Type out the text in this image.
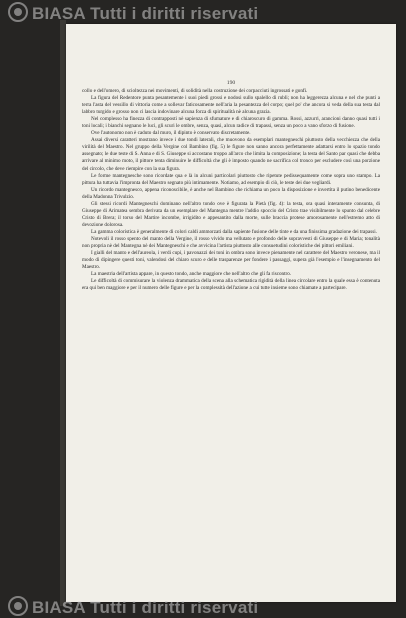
BIASA Tutti i diritti riservati
190

collo e dell'omero, di scioltezza nei movimenti, di solidità nella costruzione dei corpacciuti ingrossati e gonfi.

La figura del Redentore punta pesantemente i suoi piedi grossi e nodosi sullo spalello di rubli; non ha leggerezza alcuna e nel che punti a terra l'asta del vessillo di vittoria come a sollevar faticosamente nell'aria la pesantezza del corpo; quel po' che ancora si veda della sua testa dal labbro turgido e grosso non ci lascia indovinare alcuna forza di spiritualità nè alcuna grazia.

Nel complesso ha finezza di contrapposti nè sapienza di sfumature e di chiaroscuro di gamma. Rossi, azzurri, arancioni danno quasi tutti i toni locali; i bianchi segnano le luci, gli scuri le ombre, senza, quasi, alcun radice di trapassi, senza un poco a vano sforzo di fusione.

Ove l'autonomo non è caduto dal muro, il dipinto è conservato discretamente.

Assai diversi caratteri mostrano invece i due tondi laterali, che muovono da esemplari mantegneschi piuttosto della vecchiezza che della virilità del Maestro. Nel gruppo della Vergine col Bambino (fig. 5) le figure non sanno ancora perfettamente adattarsi entro lo spazio tondo assegnato; le due teste di S. Anna e di S. Giuseppe si accostano troppo all'arco che limita la composizione; la testa del Santo par quasi che debba arrivare al minimo moto, il pittore tenta diminuire le difficoltà che gli è imposto quando ne sacrifica col tronco per escludere così una porzione del circolo, che deve riempire con la sua figura.

Le forme mantegnesche sono ricordate qua e là in alcuni particolari piuttosto che ripetute pedissequamente come sopra uno stampo. La pittura ha tuttavia l'impronta del Maestro segnato più intimamente. Notiamo, ad esempio di ciò, le teste dei due vegliardi.

Un ricordo mantegnesco, appena riconoscibile, è anche nel Bambino che richiama un poco la disposizione e invertita il putino benedicente della Madonna Trivulzio.

Gli stessi ricordi Mantegneschi dominano nell'altro tondo ove è figurata la Pietà (fig. 4): la testa, ora quasi interamente consunta, di Giuseppe di Arimatea sembra derivata da un esemplare del Mantegna mentre l'addio spoccio del Cristo trae visibilmente lo spunto dal celebre Cristo di Brera; il torso del Martire incombe, irrigidito e appesantito dalla morte, sulle braccia protese amorosamente nell'estremo atto di devozione dolorosa.

La gamma coloristica è generalmente di colori caldi ammorzati dalla sapiente fusione delle tinte e da una finissima gradazione dei trapassi.

Notevoli il rosso spento del manto della Vergine, il rosso vivido ma vellutato e profondo delle sopravvesti di Giuseppe e di Maria; tonalità non propria nè del Mantegna nè dei Mantegneschi e che avvicina l'artista piuttosto alle consuetudini coloristiche dei pittori emiliani.

I gialli del manto e dell'aureola, i verdi cupi, i pavonazzi dei toni in ombra sono invece pienamente nel carattere del Maestro veronese, ma il modo di dipingere questi toni, valendosi del chiaro scuro e delle trasparenze per fondere i passaggi, supera già l'esempio e l'insegnamento del Maestro.

La maestria dell'artista appare, in questo tondo, anche maggiore che nell'altro che gli fa riscontro.

Le difficoltà di commisurare la violenza drammatica della scena alla schematica rigidità della linea circolare entro la quale essa è contenuta era qui ben maggiore e per il numero delle figure e per la complessità dell'azione a cui tutte insieme sono chiamate a partecipare.

BIASA Tutti i diritti riservati
